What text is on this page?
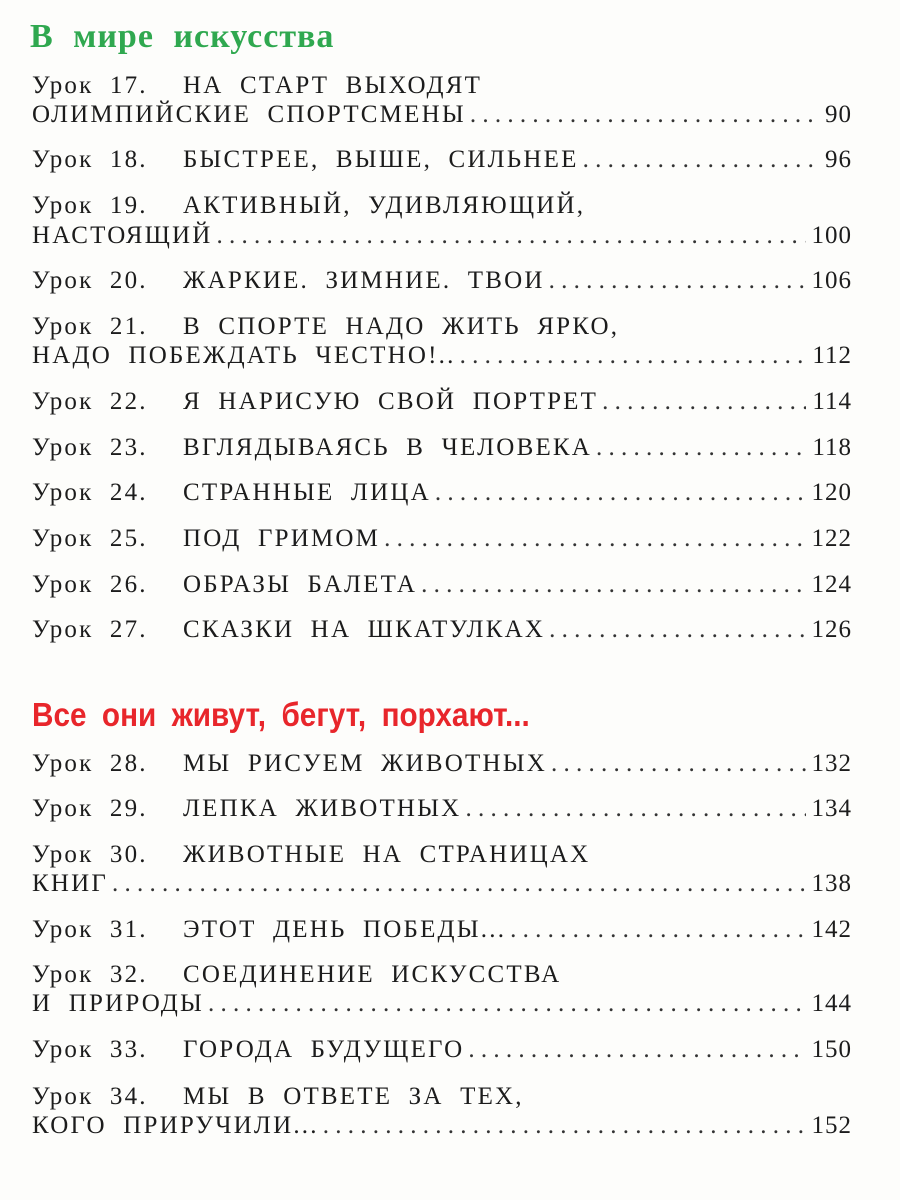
В мире искусства
Все они живут, бегут, порхают...
Урок 17.	НА СТАРТ ВЫХОДЯТ
ОЛИМПИЙСКИЕ СПОРТСМЕНЫ . . .	90
Урок 18.	БЫСТРЕЕ, ВЫШЕ, СИЛЬНЕЕ . . .	96
Урок 19.	АКТИВНЫЙ, УДИВЛЯЮЩИЙ,
НАСТОЯЩИЙ . . .	100
Урок 20.	ЖАРКИЕ. ЗИМНИЕ. ТВОИ . . .	106
Урок 21.	В СПОРТЕ НАДО ЖИТЬ ЯРКО,
НАДО ПОБЕЖДАТЬ ЧЕСТНО!.. . . .	112
Урок 22.	Я НАРИСУЮ СВОЙ ПОРТРЕТ . . .	114
Урок 23.	ВГЛЯДЫВАЯСЬ В ЧЕЛОВЕКА . . .	118
Урок 24.	СТРАННЫЕ ЛИЦА . . .	120
Урок 25.	ПОД ГРИМОМ . . .	122
Урок 26.	ОБРАЗЫ БАЛЕТА . . .	124
Урок 27.	СКАЗКИ НА ШКАТУЛКАХ . . .	126
Урок 28.	МЫ РИСУЕМ ЖИВОТНЫХ . . .	132
Урок 29.	ЛЕПКА ЖИВОТНЫХ . . .	134
Урок 30.	ЖИВОТНЫЕ НА СТРАНИЦАХ
КНИГ . . .	138
Урок 31.	ЭТОТ ДЕНЬ ПОБЕДЫ... . . .	142
Урок 32.	СОЕДИНЕНИЕ ИСКУССТВА
И ПРИРОДЫ . . .	144
Урок 33.	ГОРОДА БУДУЩЕГО . . .	150
Урок 34.	МЫ В ОТВЕТЕ ЗА ТЕХ,
КОГО ПРИРУЧИЛИ... . . .	152
